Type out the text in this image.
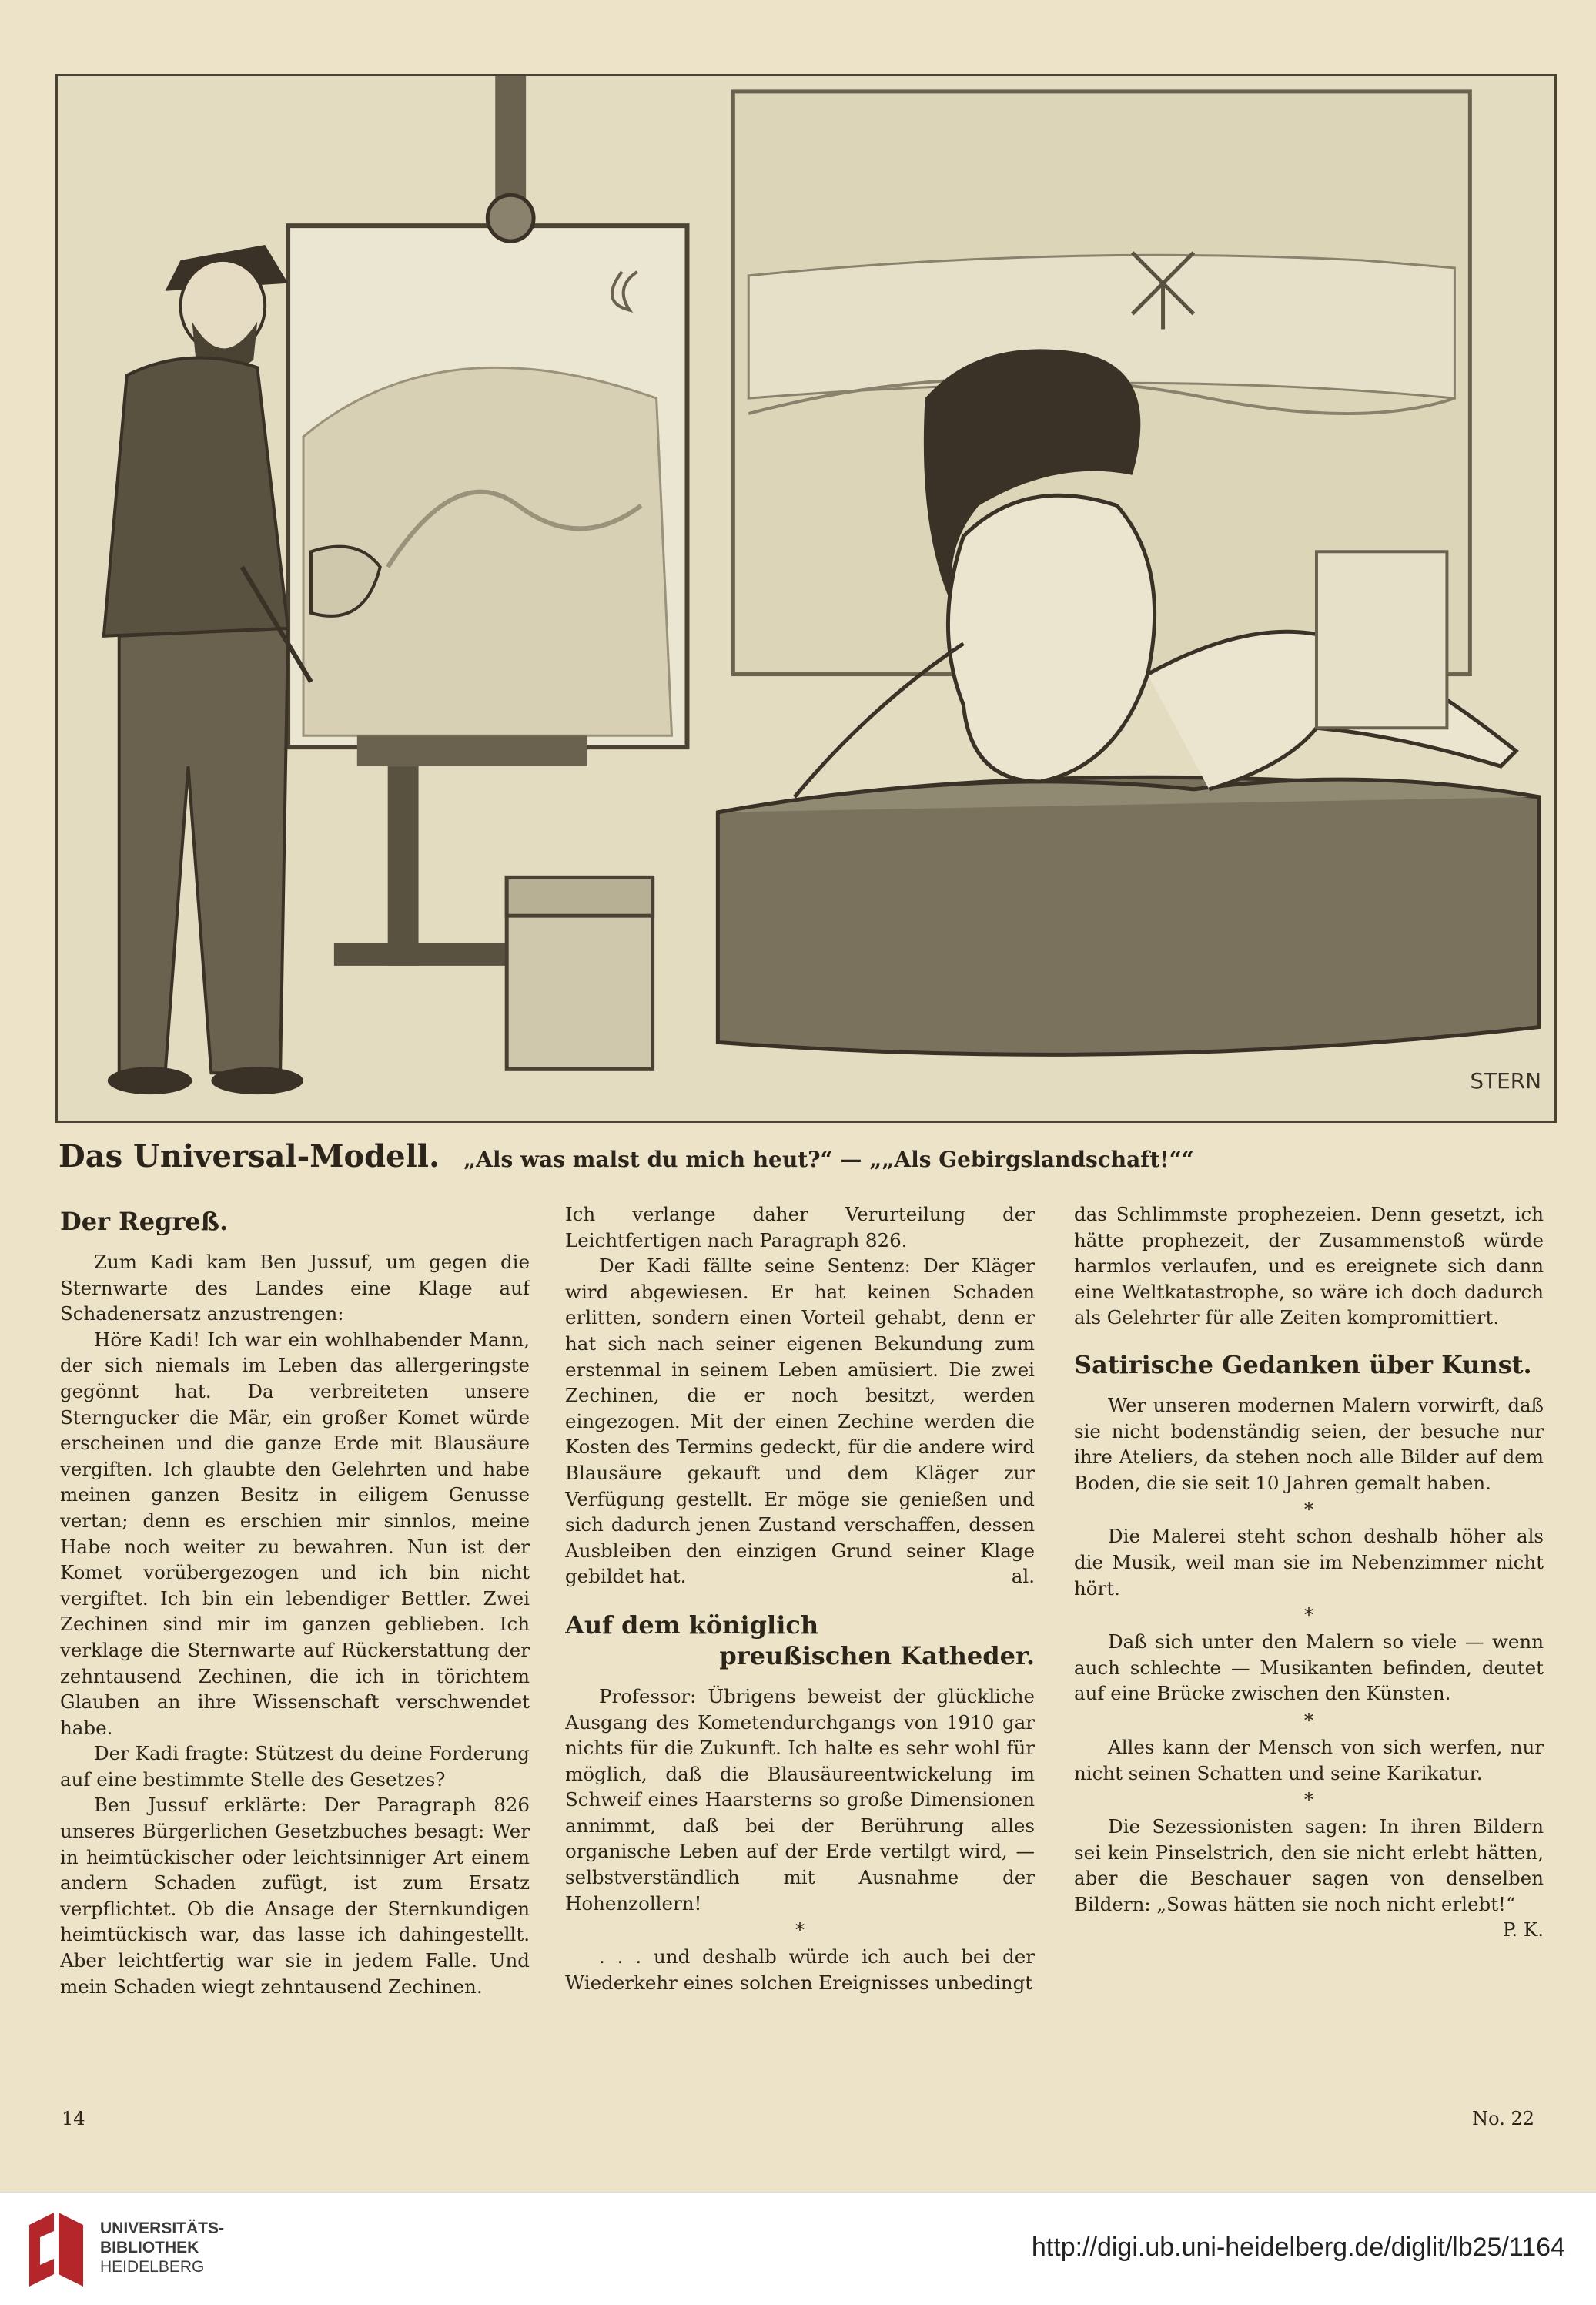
STERN
Das Universal-Modell. „Als was malst du mich heut?“ — „„Als Gebirgslandschaft!““
Der Regreß.

Zum Kadi kam Ben Jussuf, um gegen die Sternwarte des Landes eine Klage auf Schadenersatz anzustrengen:

Höre Kadi! Ich war ein wohlhabender Mann, der sich niemals im Leben das allergeringste gegönnt hat. Da verbreiteten unsere Sterngucker die Mär, ein großer Komet würde erscheinen und die ganze Erde mit Blausäure vergiften. Ich glaubte den Gelehrten und habe meinen ganzen Besitz in eiligem Genusse vertan; denn es erschien mir sinnlos, meine Habe noch weiter zu bewahren. Nun ist der Komet vorübergezogen und ich bin nicht vergiftet. Ich bin ein lebendiger Bettler. Zwei Zechinen sind mir im ganzen geblieben. Ich verklage die Sternwarte auf Rückerstattung der zehntausend Zechinen, die ich in törichtem Glauben an ihre Wissenschaft verschwendet habe.

Der Kadi fragte: Stützest du deine Forderung auf eine bestimmte Stelle des Gesetzes?

Ben Jussuf erklärte: Der Paragraph 826 unseres Bürgerlichen Gesetzbuches besagt: Wer in heimtückischer oder leichtsinniger Art einem andern Schaden zufügt, ist zum Ersatz verpflichtet. Ob die Ansage der Sternkundigen heimtückisch war, das lasse ich dahingestellt. Aber leichtfertig war sie in jedem Falle. Und mein Schaden wiegt zehntausend Zechinen.

Ich verlange daher Verurteilung der Leichtfertigen nach Paragraph 826.

Der Kadi fällte seine Sentenz: Der Kläger wird abgewiesen. Er hat keinen Schaden erlitten, sondern einen Vorteil gehabt, denn er hat sich nach seiner eigenen Bekundung zum erstenmal in seinem Leben amüsiert. Die zwei Zechinen, die er noch besitzt, werden eingezogen. Mit der einen Zechine werden die Kosten des Termins gedeckt, für die andere wird Blausäure gekauft und dem Kläger zur Verfügung gestellt. Er möge sie genießen und sich dadurch jenen Zustand verschaffen, dessen Ausbleiben den einzigen Grund seiner Klage gebildet hat.	al.

Auf dem königlich
preußischen Katheder.

Professor: Übrigens beweist der glückliche Ausgang des Kometendurchgangs von 1910 gar nichts für die Zukunft. Ich halte es sehr wohl für möglich, daß die Blausäureentwickelung im Schweif eines Haarsterns so große Dimensionen annimmt, daß bei der Berührung alles organische Leben auf der Erde vertilgt wird, — selbstverständlich mit Ausnahme der Hohenzollern!

*

. . . und deshalb würde ich auch bei der Wiederkehr eines solchen Ereignisses unbedingt

das Schlimmste prophezeien. Denn gesetzt, ich hätte prophezeit, der Zusammenstoß würde harmlos verlaufen, und es ereignete sich dann eine Weltkatastrophe, so wäre ich doch dadurch als Gelehrter für alle Zeiten kompromittiert.

Satirische Gedanken über Kunst.

Wer unseren modernen Malern vorwirft, daß sie nicht bodenständig seien, der besuche nur ihre Ateliers, da stehen noch alle Bilder auf dem Boden, die sie seit 10 Jahren gemalt haben.

*

Die Malerei steht schon deshalb höher als die Musik, weil man sie im Nebenzimmer nicht hört.

*

Daß sich unter den Malern so viele — wenn auch schlechte — Musikanten befinden, deutet auf eine Brücke zwischen den Künsten.

*

Alles kann der Mensch von sich werfen, nur nicht seinen Schatten und seine Karikatur.

*

Die Sezessionisten sagen: In ihren Bildern sei kein Pinselstrich, den sie nicht erlebt hätten, aber die Beschauer sagen von denselben Bildern: „Sowas hätten sie noch nicht erlebt!“
P. K.

14	No. 22
UNIVERSITÄTS-
BIBLIOTHEK
HEIDELBERG
http://digi.ub.uni-heidelberg.de/diglit/lb25/1164
